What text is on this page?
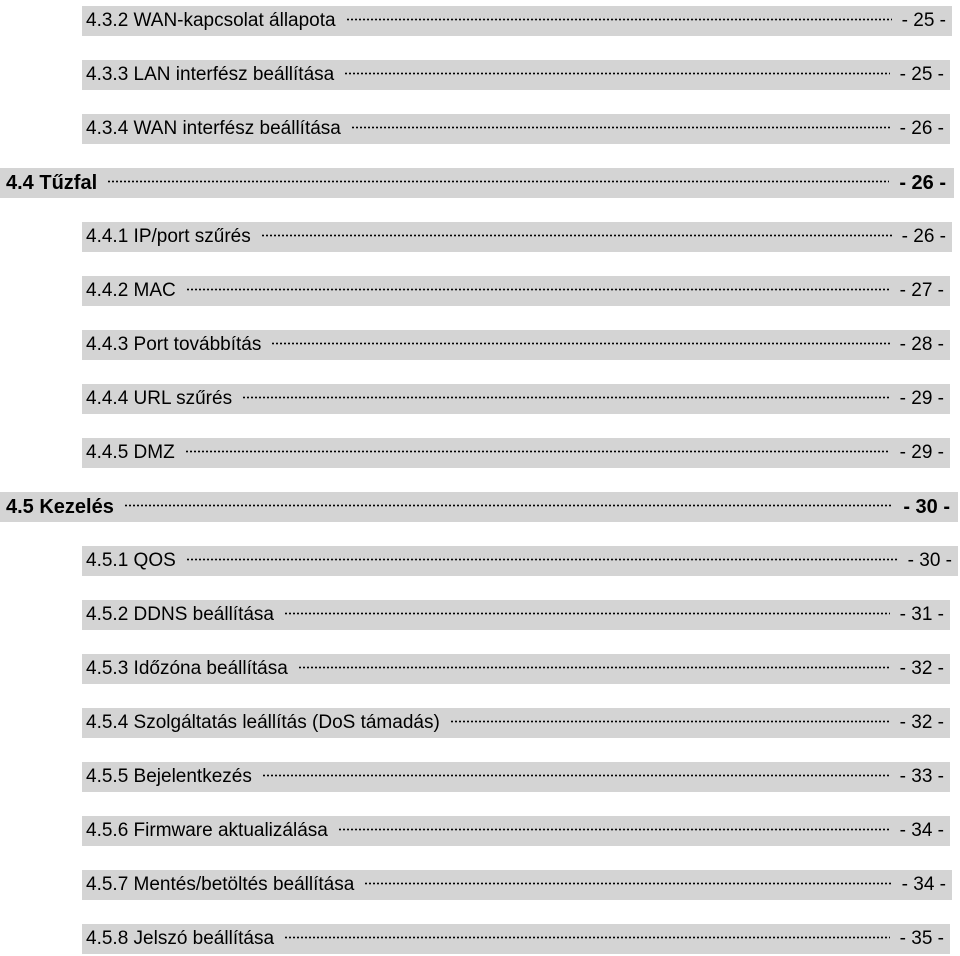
4.3.2 WAN-kapcsolat állapota	- 25 -
4.3.3 LAN interfész beállítása	- 25 -
4.3.4 WAN interfész beállítása	- 26 -
4.4 Tűzfal	- 26 -
4.4.1 IP/port szűrés	- 26 -
4.4.2 MAC	- 27 -
4.4.3 Port továbbítás	- 28 -
4.4.4 URL szűrés	- 29 -
4.4.5 DMZ	- 29 -
4.5 Kezelés	- 30 -
4.5.1 QOS	- 30 -
4.5.2 DDNS beállítása	- 31 -
4.5.3 Időzóna beállítása	- 32 -
4.5.4 Szolgáltatás leállítás (DoS támadás)	- 32 -
4.5.5 Bejelentkezés	- 33 -
4.5.6 Firmware aktualizálása	- 34 -
4.5.7 Mentés/betöltés beállítása	- 34 -
4.5.8 Jelszó beállítása	- 35 -
